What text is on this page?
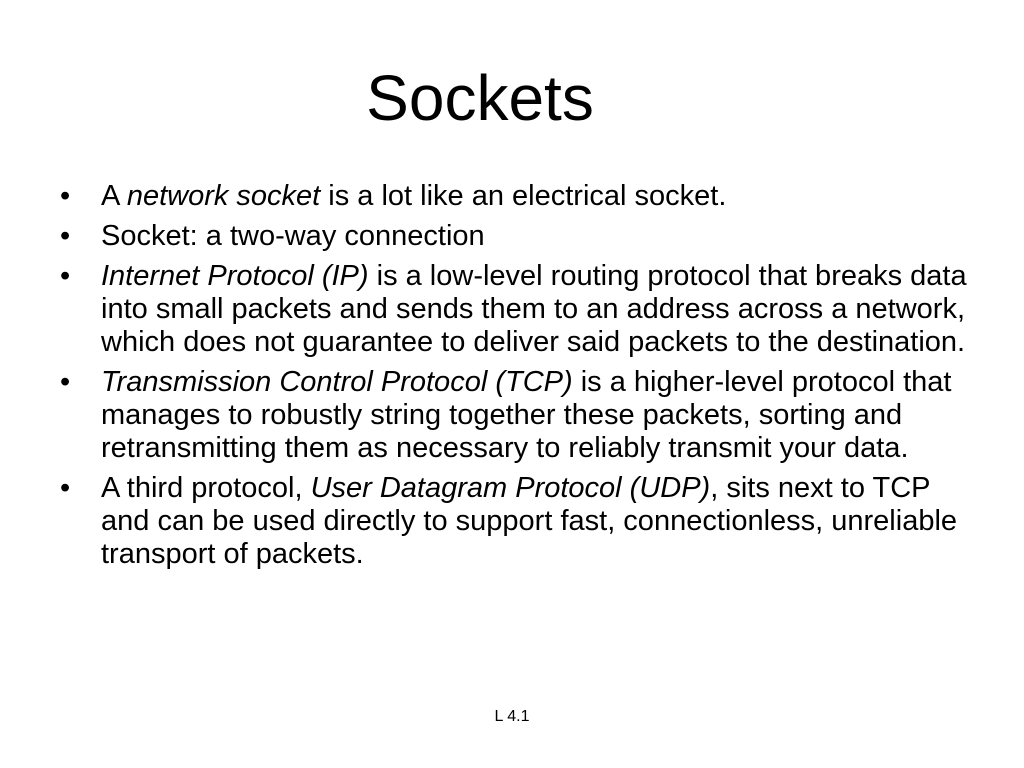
Sockets
• A network socket is a lot like an electrical socket.
• Socket: a two-way connection
• Internet Protocol (IP) is a low-level routing protocol that breaks data into small packets and sends them to an address across a network, which does not guarantee to deliver said packets to the destination.
• Transmission Control Protocol (TCP) is a higher-level protocol that manages to robustly string together these packets, sorting and retransmitting them as necessary to reliably transmit your data.
• A third protocol, User Datagram Protocol (UDP), sits next to TCP and can be used directly to support fast, connectionless, unreliable transport of packets.
L 4.1
